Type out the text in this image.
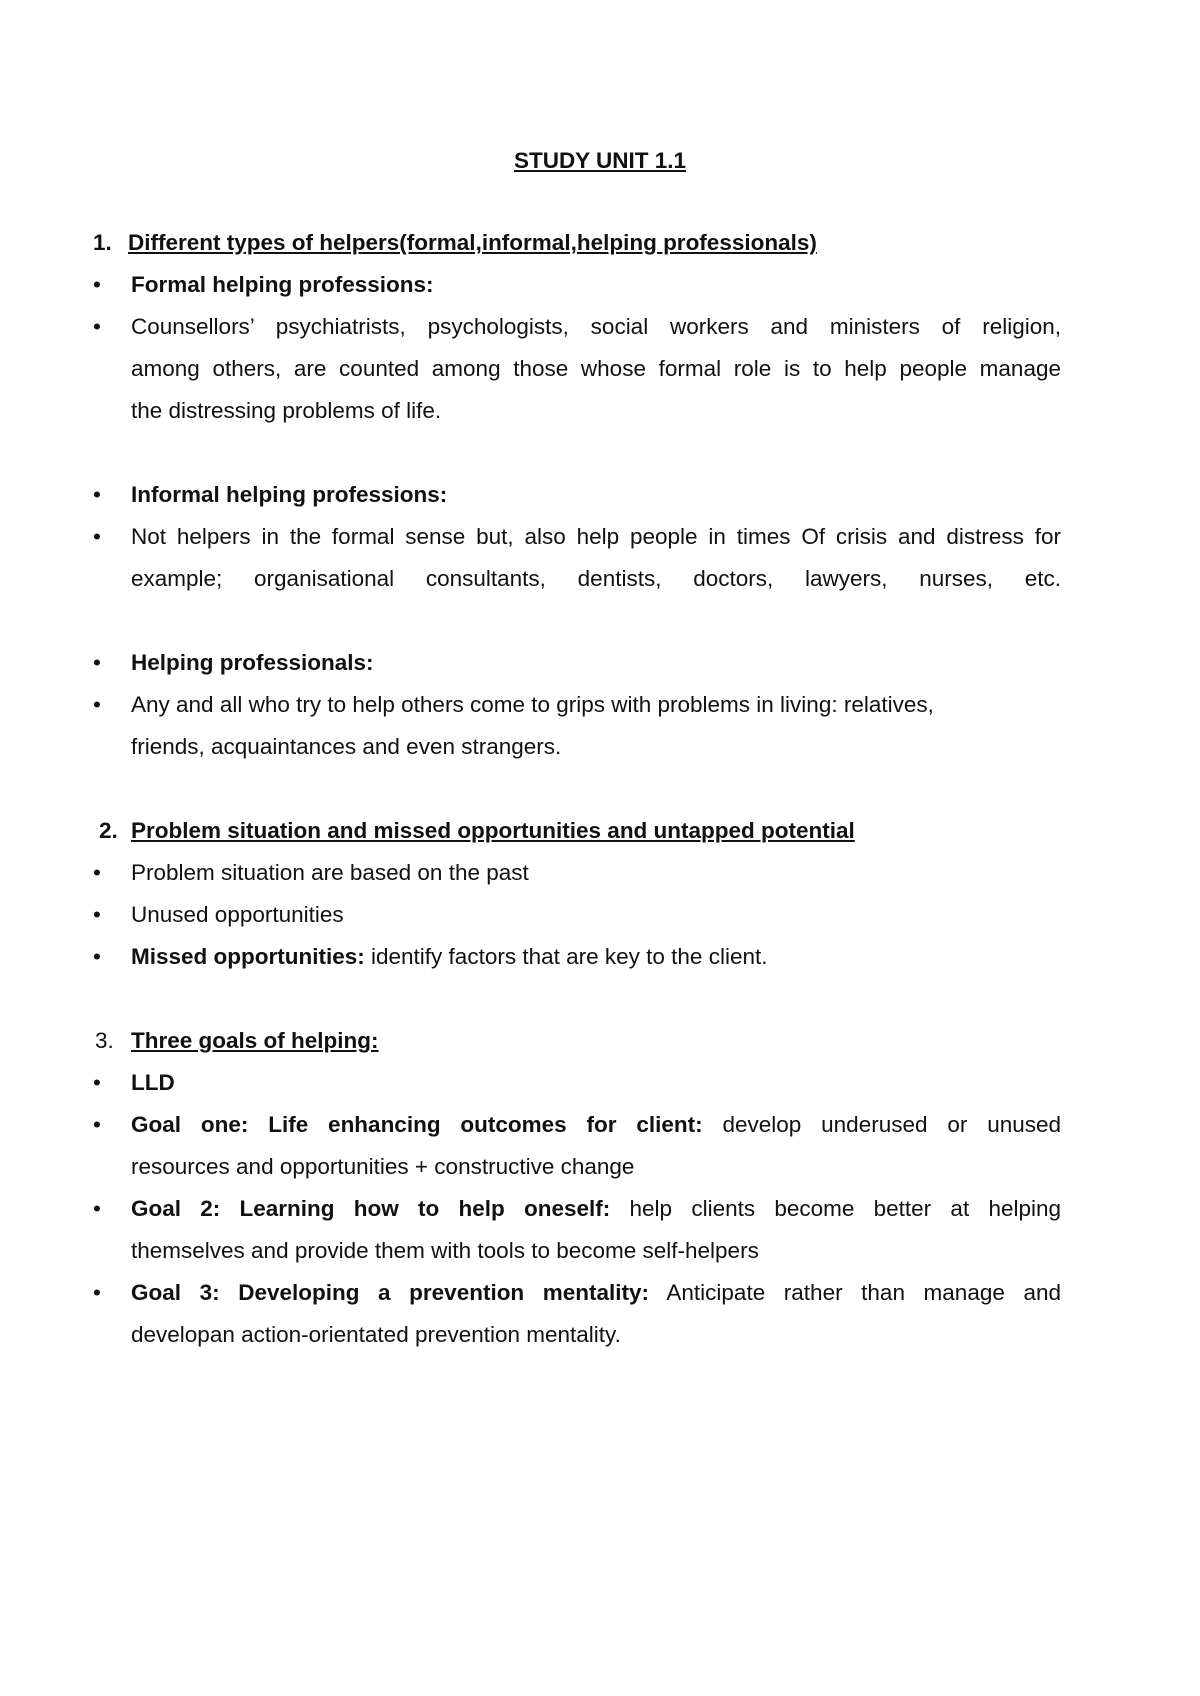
STUDY UNIT 1.1
1. Different types of helpers(formal,informal,helping professionals)
• Formal helping professions:
• Counsellors’ psychiatrists, psychologists, social workers and ministers of religion,
among others, are counted among those whose formal role is to help people manage
the distressing problems of life.
• Informal helping professions:
• Not helpers in the formal sense but, also help people in times Of crisis and distress for
example; organisational consultants, dentists, doctors, lawyers, nurses, etc.
• Helping professionals:
• Any and all who try to help others come to grips with problems in living: relatives,
friends, acquaintances and even strangers.
2. Problem situation and missed opportunities and untapped potential
• Problem situation are based on the past
• Unused opportunities
• Missed opportunities: identify factors that are key to the client.
3. Three goals of helping:
• LLD
• Goal one: Life enhancing outcomes for client: develop underused or unused
resources and opportunities + constructive change
• Goal 2: Learning how to help oneself: help clients become better at helping
themselves and provide them with tools to become self-helpers
• Goal 3: Developing a prevention mentality: Anticipate rather than manage and
developan action-orientated prevention mentality.
